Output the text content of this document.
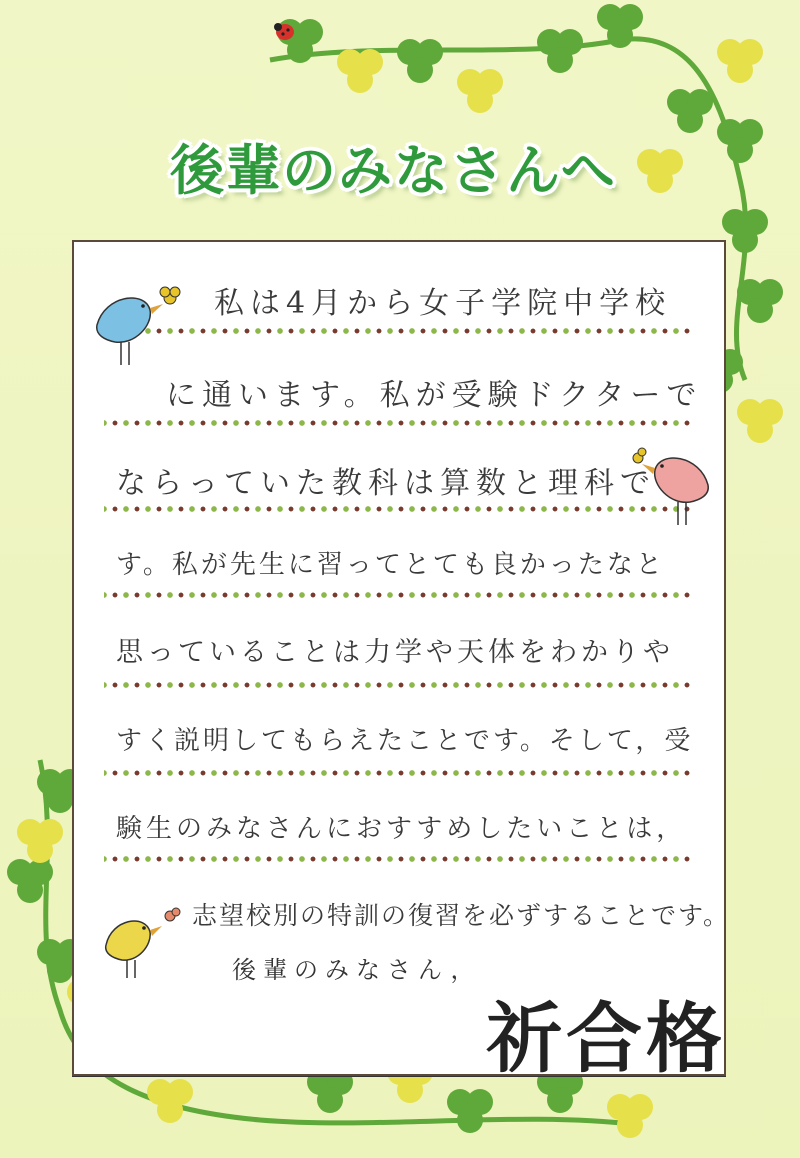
後輩のみなさんへ
私は4月から女子学院中学校
に通います。私が受験ドクターで
ならっていた教科は算数と理科で
す。私が先生に習ってとても良かったなと
思っていることは力学や天体をわかりや
すく説明してもらえたことです。そして，受
験生のみなさんにおすすめしたいことは，
志望校別の特訓の復習を必ずすることです。
後輩のみなさん，
祈合格
